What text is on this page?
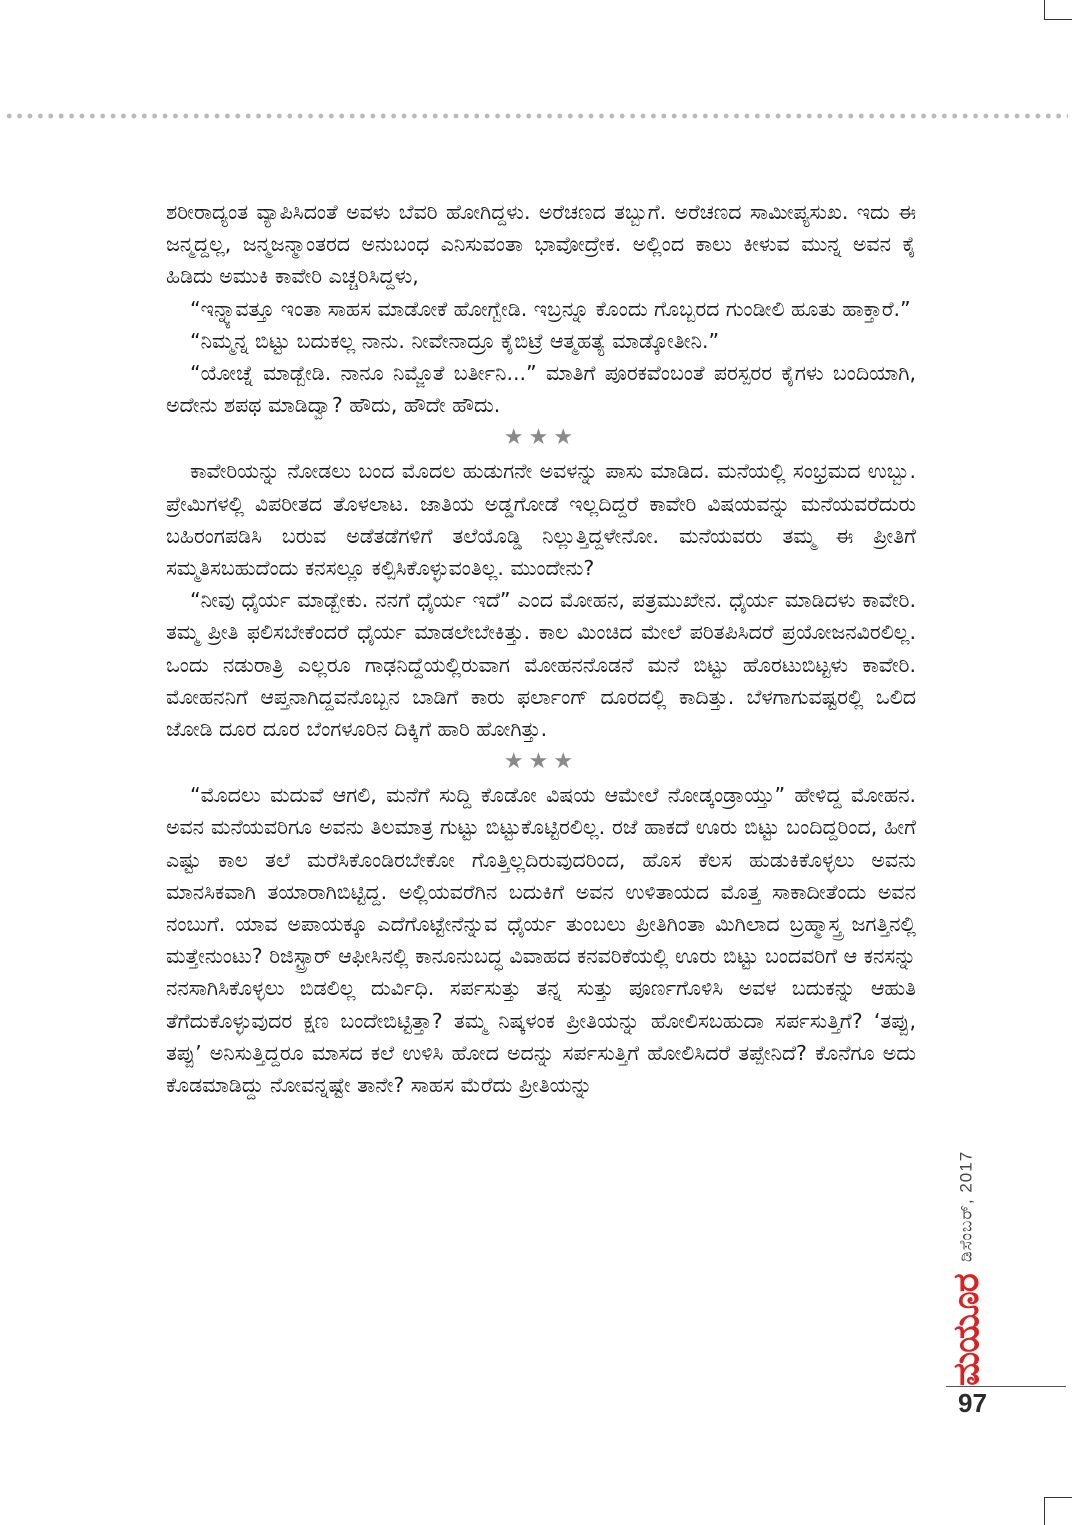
ಶರೀರಾದ್ಯಂತ ವ್ಯಾಪಿಸಿದಂತೆ ಅವಳು ಬೆವರಿ ಹೋಗಿದ್ದಳು. ಅರೆಚಣದ ತಬ್ಬುಗೆ. ಅರೆಚಣದ ಸಾಮೀಪ್ಯಸುಖ. ಇದು ಈ ಜನ್ಮದ್ದಲ್ಲ, ಜನ್ಮಜನ್ಮಾಂತರದ ಅನುಬಂಧ ಎನಿಸುವಂತಾ ಭಾವೋದ್ರೇಕ. ಅಲ್ಲಿಂದ ಕಾಲು ಕೀಳುವ ಮುನ್ನ ಅವನ ಕೈ ಹಿಡಿದು ಅಮುಕಿ ಕಾವೇರಿ ಎಚ್ಚರಿಸಿದ್ದಳು,

“ಇನ್ನ್ಯಾವತ್ತೂ ಇಂತಾ ಸಾಹಸ ಮಾಡೋಕೆ ಹೋಗ್ಬೇಡಿ. ಇಬ್ರನ್ನೂ ಕೊಂದು ಗೊಬ್ಬರದ ಗುಂಡೀಲಿ ಹೂತು ಹಾಕ್ತಾರೆ.”

“ನಿಮ್ಮನ್ನ ಬಿಟ್ಟು ಬದುಕಲ್ಲ ನಾನು. ನೀವೇನಾದ್ರೂ ಕೈಬಿಟ್ರೆ ಆತ್ಮಹತ್ಯೆ ಮಾಡ್ಕೋತೀನಿ.”

“ಯೋಚ್ನೆ ಮಾಡ್ಬೇಡಿ. ನಾನೂ ನಿಮ್ಜೊತೆ ಬರ್ತೀನಿ...” ಮಾತಿಗೆ ಪೂರಕವೆಂಬಂತೆ ಪರಸ್ಪರರ ಕೈಗಳು ಬಂದಿಯಾಗಿ, ಅದೇನು ಶಪಥ ಮಾಡಿದ್ವಾ? ಹೌದು, ಹೌದೇ ಹೌದು.

★★★

ಕಾವೇರಿಯನ್ನು ನೋಡಲು ಬಂದ ಮೊದಲ ಹುಡುಗನೇ ಅವಳನ್ನು ಪಾಸು ಮಾಡಿದ. ಮನೆಯಲ್ಲಿ ಸಂಭ್ರಮದ ಉಬ್ಬು. ಪ್ರೇಮಿಗಳಲ್ಲಿ ವಿಪರೀತದ ತೊಳಲಾಟ. ಜಾತಿಯ ಅಡ್ಡಗೋಡೆ ಇಲ್ಲದಿದ್ದರೆ ಕಾವೇರಿ ವಿಷಯವನ್ನು ಮನೆಯವರೆದುರು ಬಹಿರಂಗಪಡಿಸಿ ಬರುವ ಅಡೆತಡೆಗಳಿಗೆ ತಲೆಯೊಡ್ಡಿ ನಿಲ್ಲುತ್ತಿದ್ದಳೇನೋ. ಮನೆಯವರು ತಮ್ಮ ಈ ಪ್ರೀತಿಗೆ ಸಮ್ಮತಿಸಬಹುದೆಂದು ಕನಸಲ್ಲೂ ಕಲ್ಪಿಸಿಕೊಳ್ಳುವಂತಿಲ್ಲ. ಮುಂದೇನು?

“ನೀವು ಧೈರ್ಯ ಮಾಡ್ಬೇಕು. ನನಗೆ ಧೈರ್ಯ ಇದೆ” ಎಂದ ಮೋಹನ, ಪತ್ರಮುಖೇನ. ಧೈರ್ಯ ಮಾಡಿದಳು ಕಾವೇರಿ. ತಮ್ಮ ಪ್ರೀತಿ ಫಲಿಸಬೇಕೆಂದರೆ ಧೈರ್ಯ ಮಾಡಲೇಬೇಕಿತ್ತು. ಕಾಲ ಮಿಂಚಿದ ಮೇಲೆ ಪರಿತಪಿಸಿದರೆ ಪ್ರಯೋಜನವಿರಲಿಲ್ಲ. ಒಂದು ನಡುರಾತ್ರಿ ಎಲ್ಲರೂ ಗಾಢನಿದ್ದೆಯಲ್ಲಿರುವಾಗ ಮೋಹನನೊಡನೆ ಮನೆ ಬಿಟ್ಟು ಹೊರಟುಬಿಟ್ಟಳು ಕಾವೇರಿ. ಮೋಹನನಿಗೆ ಆಪ್ತನಾಗಿದ್ದವನೊಬ್ಬನ ಬಾಡಿಗೆ ಕಾರು ಫರ್ಲಾಂಗ್ ದೂರದಲ್ಲಿ ಕಾದಿತ್ತು. ಬೆಳಗಾಗುವಷ್ಟರಲ್ಲಿ ಒಲಿದ ಜೋಡಿ ದೂರ ದೂರ ಬೆಂಗಳೂರಿನ ದಿಕ್ಕಿಗೆ ಹಾರಿ ಹೋಗಿತ್ತು.

★★★

“ಮೊದಲು ಮದುವೆ ಆಗಲಿ, ಮನೆಗೆ ಸುದ್ದಿ ಕೊಡೋ ವಿಷಯ ಆಮೇಲೆ ನೋಡ್ಕಂಡ್ರಾಯ್ತು” ಹೇಳಿದ್ದ ಮೋಹನ. ಅವನ ಮನೆಯವರಿಗೂ ಅವನು ತಿಲಮಾತ್ರ ಗುಟ್ಟು ಬಿಟ್ಟುಕೊಟ್ಟಿರಲಿಲ್ಲ. ರಜೆ ಹಾಕದೆ ಊರು ಬಿಟ್ಟು ಬಂದಿದ್ದರಿಂದ, ಹೀಗೆ ಎಷ್ಟು ಕಾಲ ತಲೆ ಮರೆಸಿಕೊಂಡಿರಬೇಕೋ ಗೊತ್ತಿಲ್ಲದಿರುವುದರಿಂದ, ಹೊಸ ಕೆಲಸ ಹುಡುಕಿಕೊಳ್ಳಲು ಅವನು ಮಾನಸಿಕವಾಗಿ ತಯಾರಾಗಿಬಿಟ್ಟಿದ್ದ. ಅಲ್ಲಿಯವರೆಗಿನ ಬದುಕಿಗೆ ಅವನ ಉಳಿತಾಯದ ಮೊತ್ತ ಸಾಕಾದೀತೆಂದು ಅವನ ನಂಬುಗೆ. ಯಾವ ಅಪಾಯಕ್ಕೂ ಎದೆಗೊಟ್ಟೇನೆನ್ನುವ ಧೈರ್ಯ ತುಂಬಲು ಪ್ರೀತಿಗಿಂತಾ ಮಿಗಿಲಾದ ಬ್ರಹ್ಮಾಸ್ತ್ರ ಜಗತ್ತಿನಲ್ಲಿ ಮತ್ತೇನುಂಟು? ರಿಜಿಸ್ಟ್ರಾರ್ ಆಫೀಸಿನಲ್ಲಿ ಕಾನೂನುಬದ್ಧ ವಿವಾಹದ ಕನವರಿಕೆಯಲ್ಲಿ ಊರು ಬಿಟ್ಟು ಬಂದವರಿಗೆ ಆ ಕನಸನ್ನು ನನಸಾಗಿಸಿಕೊಳ್ಳಲು ಬಿಡಲಿಲ್ಲ ದುರ್ವಿಧಿ. ಸರ್ಪಸುತ್ತು ತನ್ನ ಸುತ್ತು ಪೂರ್ಣಗೊಳಿಸಿ ಅವಳ ಬದುಕನ್ನು ಆಹುತಿ ತೆಗೆದುಕೊಳ್ಳುವುದರ ಕ್ಷಣ ಬಂದೇಬಿಟ್ಟಿತ್ತಾ? ತಮ್ಮ ನಿಷ್ಕಳಂಕ ಪ್ರೀತಿಯನ್ನು ಹೋಲಿಸಬಹುದಾ ಸರ್ಪಸುತ್ತಿಗೆ? ‘ತಪ್ಪು, ತಪ್ಪು’ ಅನಿಸುತ್ತಿದ್ದರೂ ಮಾಸದ ಕಲೆ ಉಳಿಸಿ ಹೋದ ಅದನ್ನು ಸರ್ಪಸುತ್ತಿಗೆ ಹೋಲಿಸಿದರೆ ತಪ್ಪೇನಿದೆ? ಕೊನೆಗೂ ಅದು ಕೊಡಮಾಡಿದ್ದು ನೋವನ್ನಷ್ಟೇ ತಾನೇ? ಸಾಹಸ ಮೆರೆದು ಪ್ರೀತಿಯನ್ನು

ಮಯೂರ
ಡಿಸೆಂಬರ್, 2017
97
